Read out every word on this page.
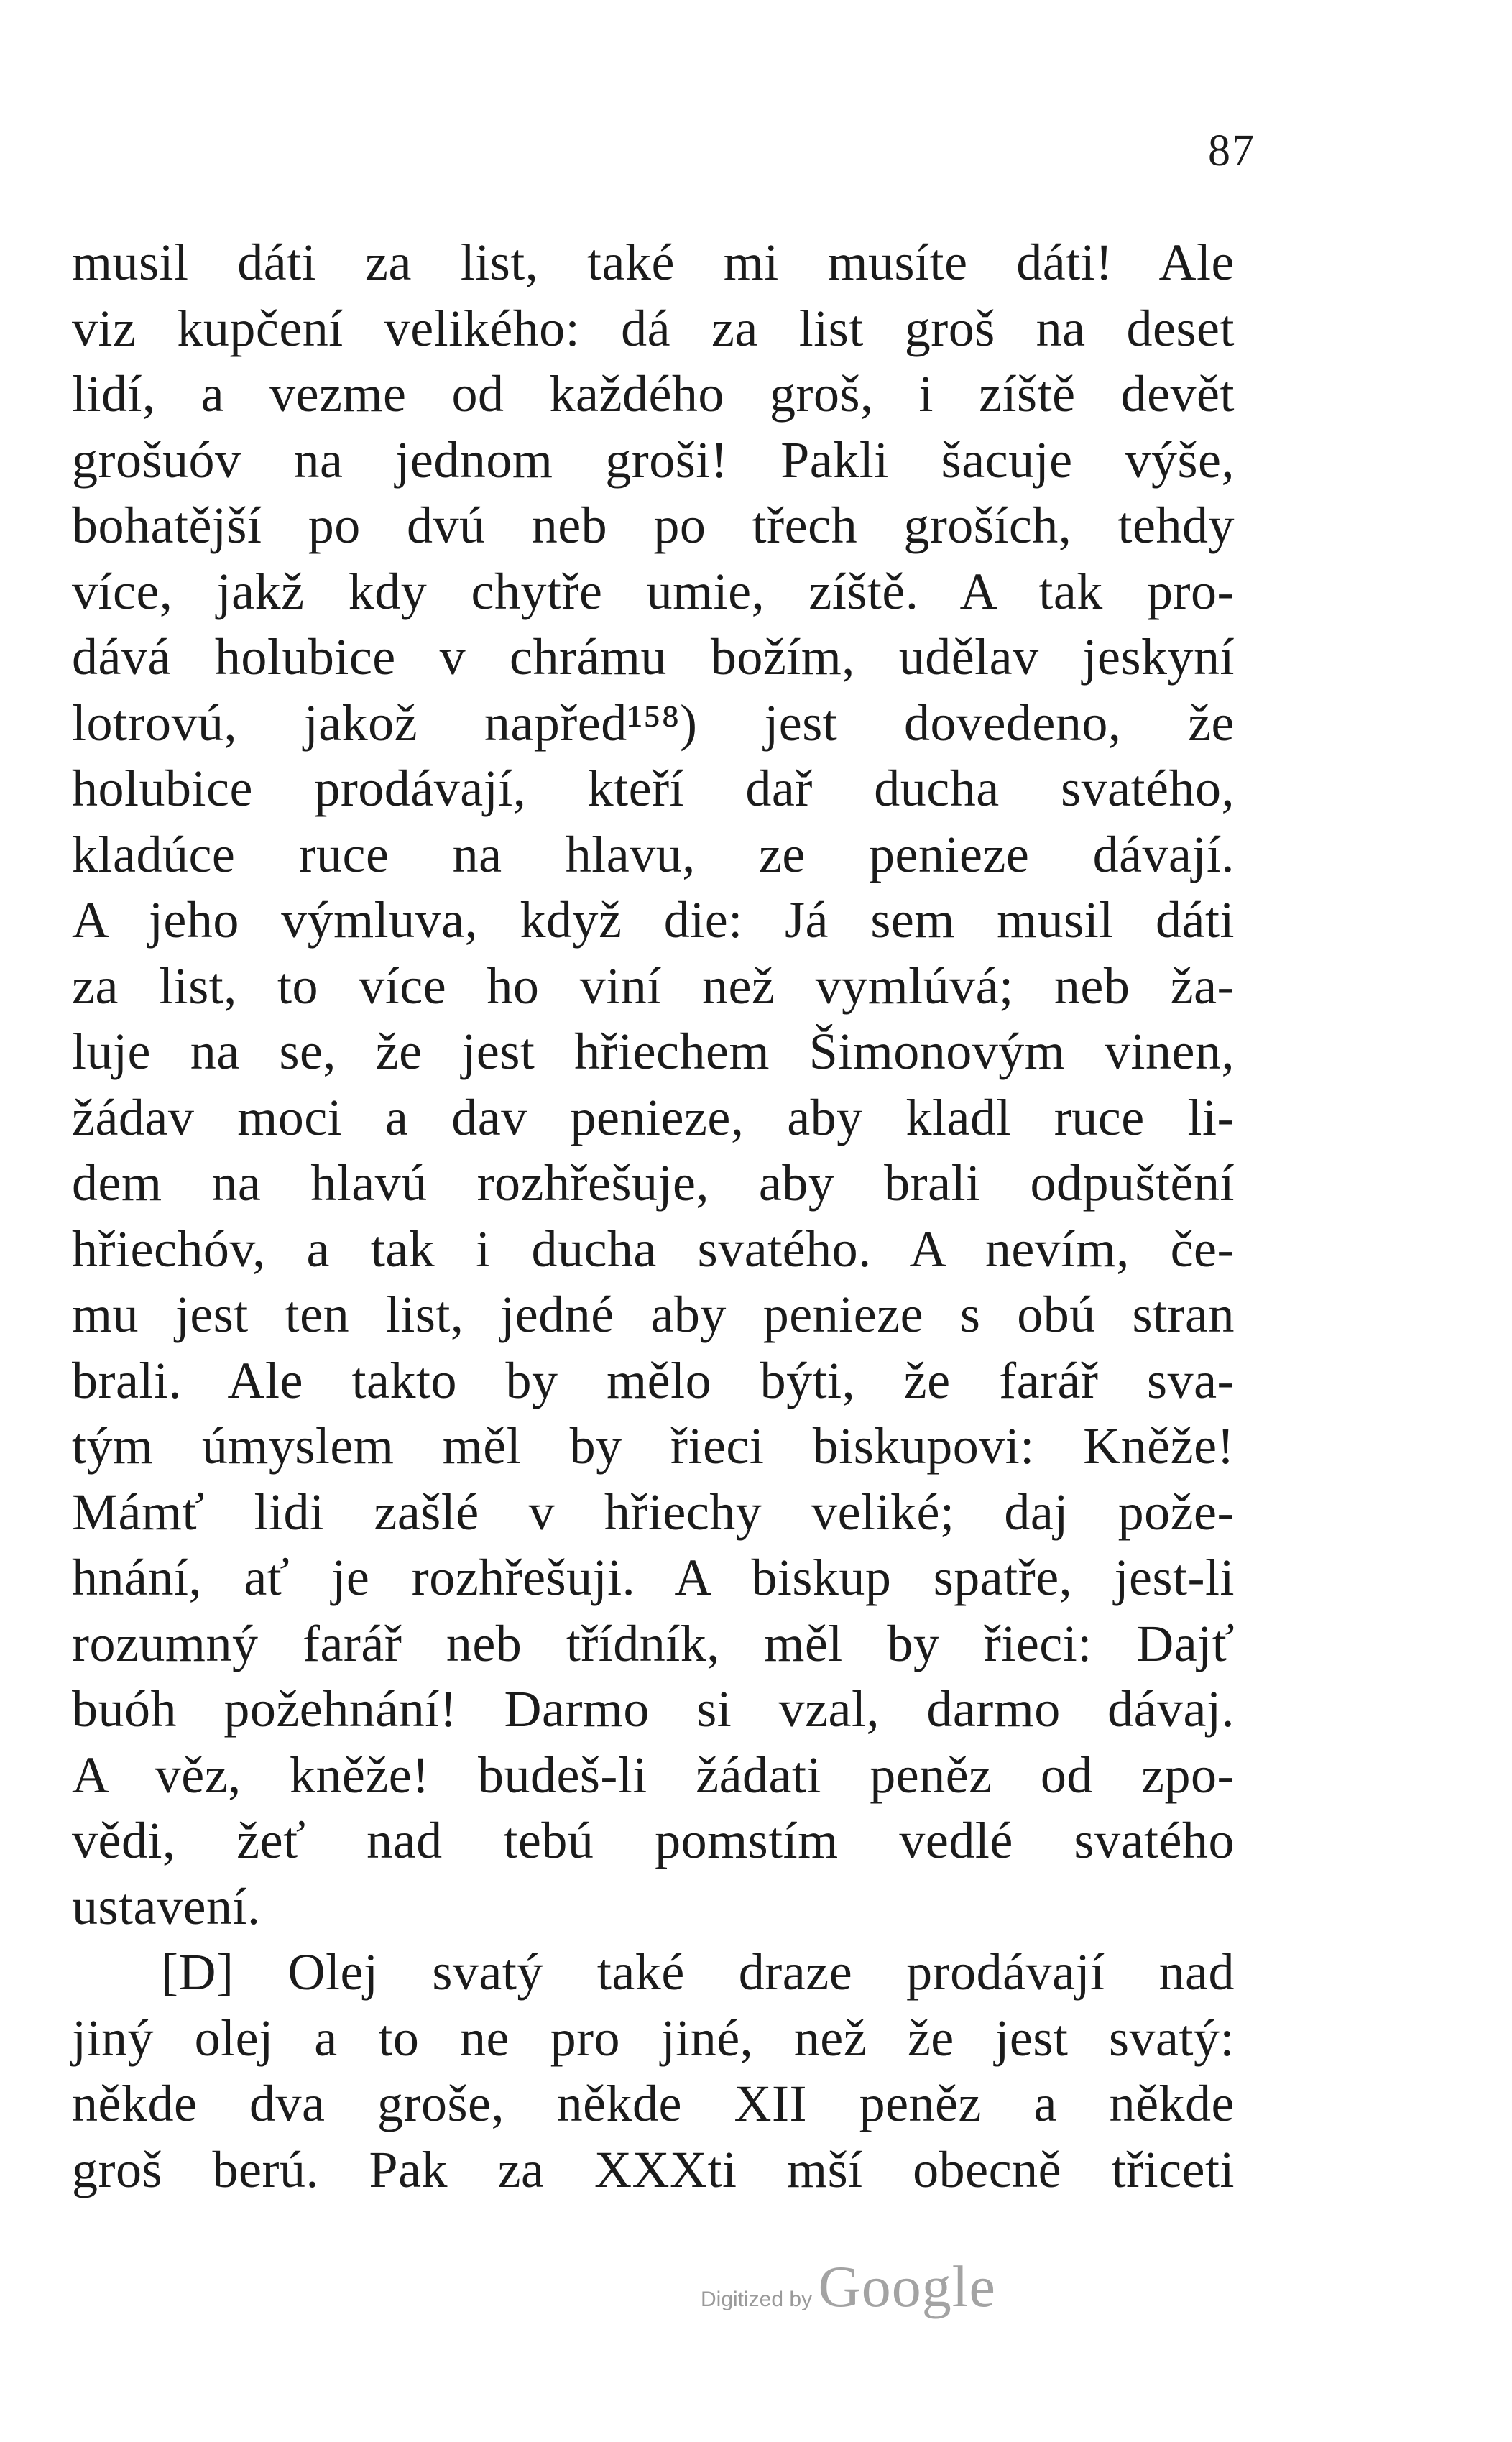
87
musil dáti za list, také mi musíte dáti! Ale
viz kupčení velikého: dá za list groš na deset
lidí, a vezme od každého groš, i zíště devět
grošuóv na jednom groši! Pakli šacuje výše,
bohatější po dvú neb po třech groších, tehdy
více, jakž kdy chytře umie, zíště. A tak pro-
dává holubice v chrámu božím, udělav jeskyní
lotrovú, jakož napřed¹⁵⁸) jest dovedeno, že
holubice prodávají, kteří dař ducha svatého,
kladúce ruce na hlavu, ze penieze dávají.
A jeho výmluva, když die: Já sem musil dáti
za list, to více ho viní než vymlúvá; neb ža-
luje na se, že jest hřiechem Šimonovým vinen,
žádav moci a dav penieze, aby kladl ruce li-
dem na hlavú rozhřešuje, aby brali odpuštění
hřiechóv, a tak i ducha svatého. A nevím, če-
mu jest ten list, jedné aby penieze s obú stran
brali. Ale takto by mělo býti, že farář sva-
tým úmyslem měl by řieci biskupovi: Kněže!
Mámť lidi zašlé v hřiechy veliké; daj požе-
hnání, ať je rozhřešuji. A biskup spatře, jest-li
rozumný farář neb třídník, měl by řieci: Dajť
buóh požehnání! Darmo si vzal, darmo dávaj.
A věz, kněže! budeš-li žádati peněz od zpo-
vědi, žeť nad tebú pomstím vedlé svatého
ustavení.
[D] Olej svatý také draze prodávají nad
jiný olej a to ne pro jiné, než že jest svatý:
někde dva groše, někde XII peněz a někde
groš berú. Pak za XXXti mší obecně třiceti
Digitized by Google
